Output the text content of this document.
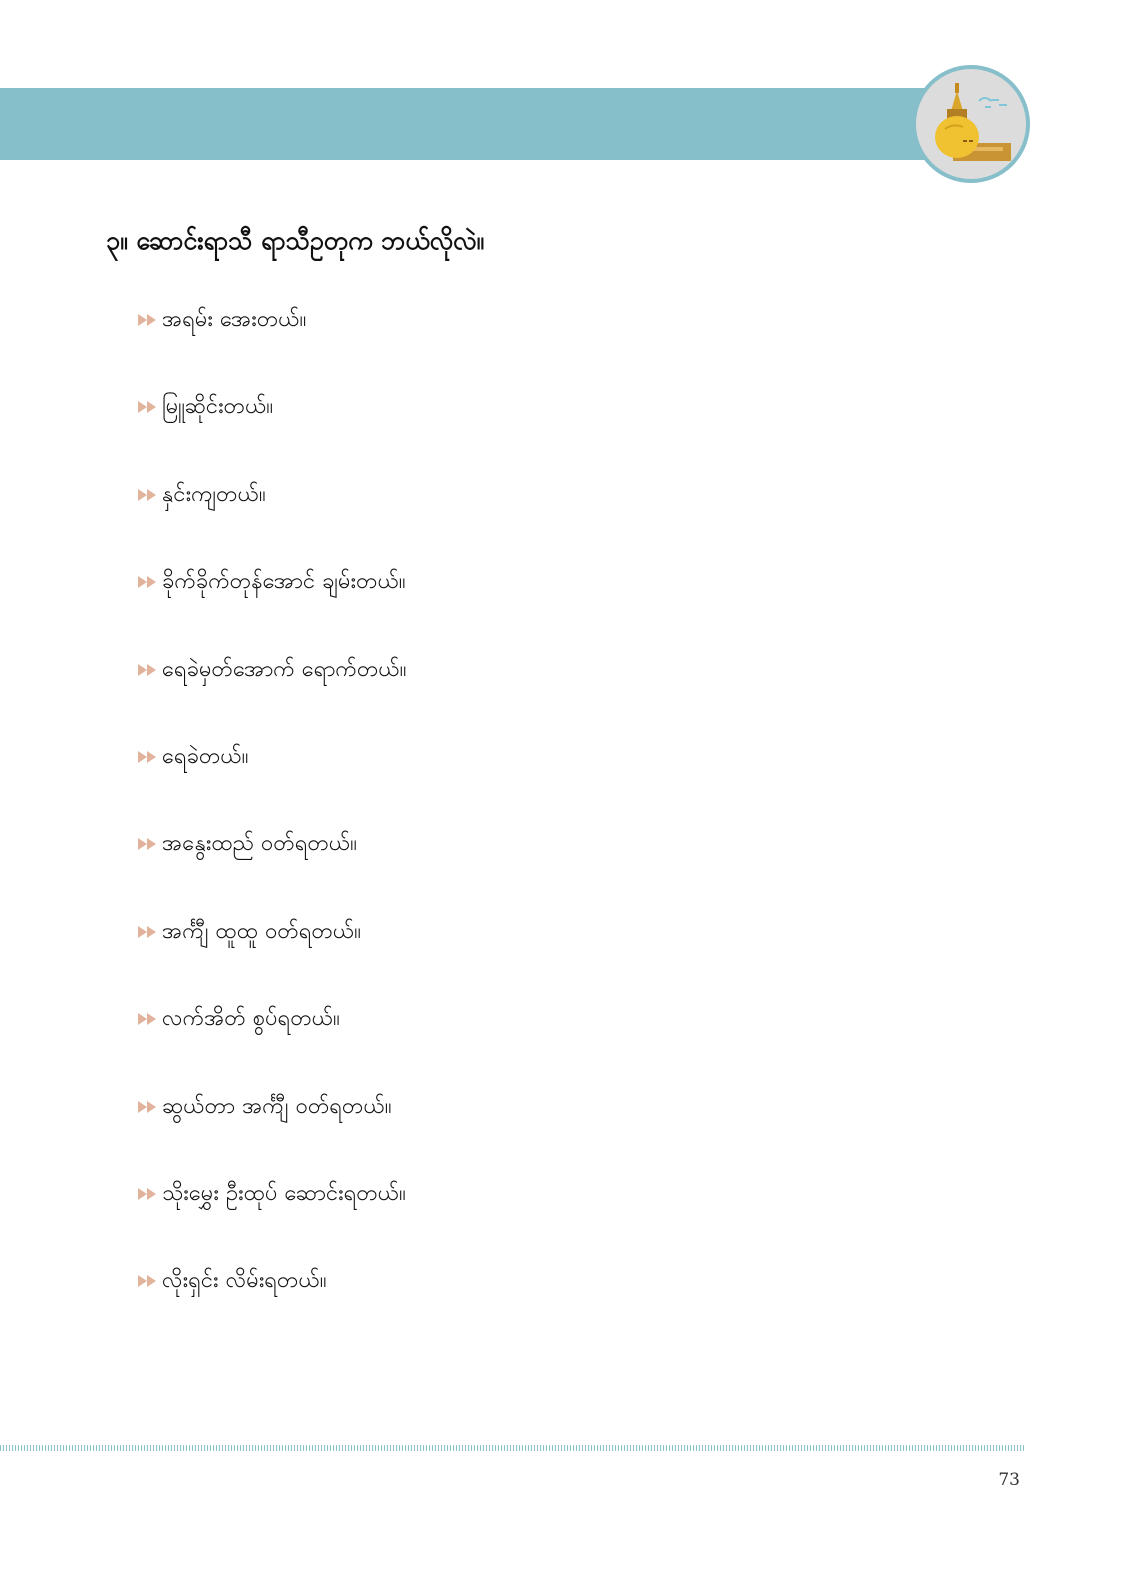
၃။ ဆောင်းရာသီ ရာသီဥတုက ဘယ်လိုလဲ။
အရမ်း အေးတယ်။
မြူဆိုင်းတယ်။
နှင်းကျတယ်။
ခိုက်ခိုက်တုန်အောင် ချမ်းတယ်။
ရေခဲမှတ်အောက် ရောက်တယ်။
ရေခဲတယ်။
အနွေးထည် ဝတ်ရတယ်။
အင်္ကျီ ထူထူ ဝတ်ရတယ်။
လက်အိတ် စွပ်ရတယ်။
ဆွယ်တာ အင်္ကျီ ဝတ်ရတယ်။
သိုးမွှေး ဦးထုပ် ဆောင်းရတယ်။
လိုးရှင်း လိမ်းရတယ်။
73
